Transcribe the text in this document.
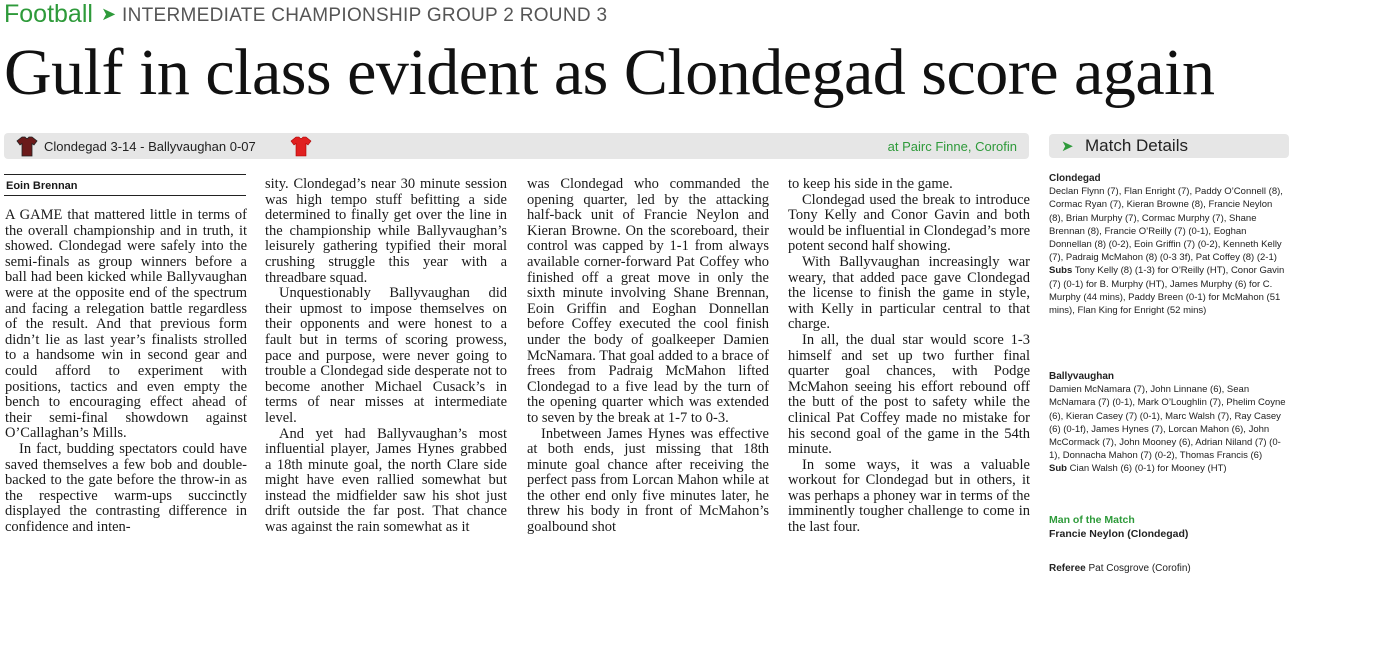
Football ➤ INTERMEDIATE CHAMPIONSHIP GROUP 2 ROUND 3
Gulf in class evident as Clondegad score again
Clondegad 3-14 - Ballyvaughan 0-07	at Pairc Finne, Corofin
Eoin Brennan

A GAME that mattered little in terms of the overall championship and in truth, it showed. Clondegad were safely into the semi-finals as group winners before a ball had been kicked while Ballyvaughan were at the opposite end of the spectrum and facing a relegation battle regardless of the result. And that previous form didn’t lie as last year’s finalists strolled to a handsome win in second gear and could afford to experiment with positions, tactics and even empty the bench to encouraging effect ahead of their semi-final showdown against O’Callaghan’s Mills.

In fact, budding spectators could have saved themselves a few bob and double-backed to the gate before the throw-in as the respective warm-ups succinctly displayed the contrasting difference in confidence and inten-

sity. Clondegad’s near 30 minute session was high tempo stuff befitting a side determined to finally get over the line in the championship while Ballyvaughan’s leisurely gathering typified their moral crushing struggle this year with a threadbare squad.

Unquestionably Ballyvaughan did their upmost to impose themselves on their opponents and were honest to a fault but in terms of scoring prowess, pace and purpose, were never going to trouble a Clondegad side desperate not to become another Michael Cusack’s in terms of near misses at intermediate level.

And yet had Ballyvaughan’s most influential player, James Hynes grabbed a 18th minute goal, the north Clare side might have even rallied somewhat but instead the midfielder saw his shot just drift outside the far post. That chance was against the rain somewhat as it

was Clondegad who commanded the opening quarter, led by the attacking half-back unit of Francie Neylon and Kieran Browne. On the scoreboard, their control was capped by 1-1 from always available corner-forward Pat Coffey who finished off a great move in only the sixth minute involving Shane Brennan, Eoin Griffin and Eoghan Donnellan before Coffey executed the cool finish under the body of goalkeeper Damien McNamara. That goal added to a brace of frees from Padraig McMahon lifted Clondegad to a five lead by the turn of the opening quarter which was extended to seven by the break at 1-7 to 0-3.

Inbetween James Hynes was effective at both ends, just missing that 18th minute goal chance after receiving the perfect pass from Lorcan Mahon while at the other end only five minutes later, he threw his body in front of McMahon’s goalbound shot

to keep his side in the game.

Clondegad used the break to introduce Tony Kelly and Conor Gavin and both would be influential in Clondegad’s more potent second half showing.

With Ballyvaughan increasingly war weary, that added pace gave Clondegad the license to finish the game in style, with Kelly in particular central to that charge.

In all, the dual star would score 1-3 himself and set up two further final quarter goal chances, with Podge McMahon seeing his effort rebound off the butt of the post to safety while the clinical Pat Coffey made no mistake for his second goal of the game in the 54th minute.

In some ways, it was a valuable workout for Clondegad but in others, it was perhaps a phoney war in terms of the imminently tougher challenge to come in the last four.

➤ Match Details
Clondegad
Declan Flynn (7), Flan Enright (7), Paddy O’Connell (8), Cormac Ryan (7), Kieran Browne (8), Francie Neylon (8), Brian Murphy (7), Cormac Murphy (7), Shane Brennan (8), Francie O’Reilly (7) (0-1), Eoghan Donnellan (8) (0-2), Eoin Griffin (7) (0-2), Kenneth Kelly (7), Padraig McMahon (8) (0-3 3f), Pat Coffey (8) (2-1)
Subs Tony Kelly (8) (1-3) for O’Reilly (HT), Conor Gavin (7) (0-1) for B. Murphy (HT), James Murphy (6) for C. Murphy (44 mins), Paddy Breen (0-1) for McMahon (51 mins), Flan King for Enright (52 mins)
Ballyvaughan
Damien McNamara (7), John Linnane (6), Sean McNamara (7) (0-1), Mark O’Loughlin (7), Phelim Coyne (6), Kieran Casey (7) (0-1), Marc Walsh (7), Ray Casey (6) (0-1f), James Hynes (7), Lorcan Mahon (6), John McCormack (7), John Mooney (6), Adrian Niland (7) (0-1), Donnacha Mahon (7) (0-2), Thomas Francis (6)
Sub Cian Walsh (6) (0-1) for Mooney (HT)
Man of the Match
Francie Neylon (Clondegad)
Referee Pat Cosgrove (Corofin)
